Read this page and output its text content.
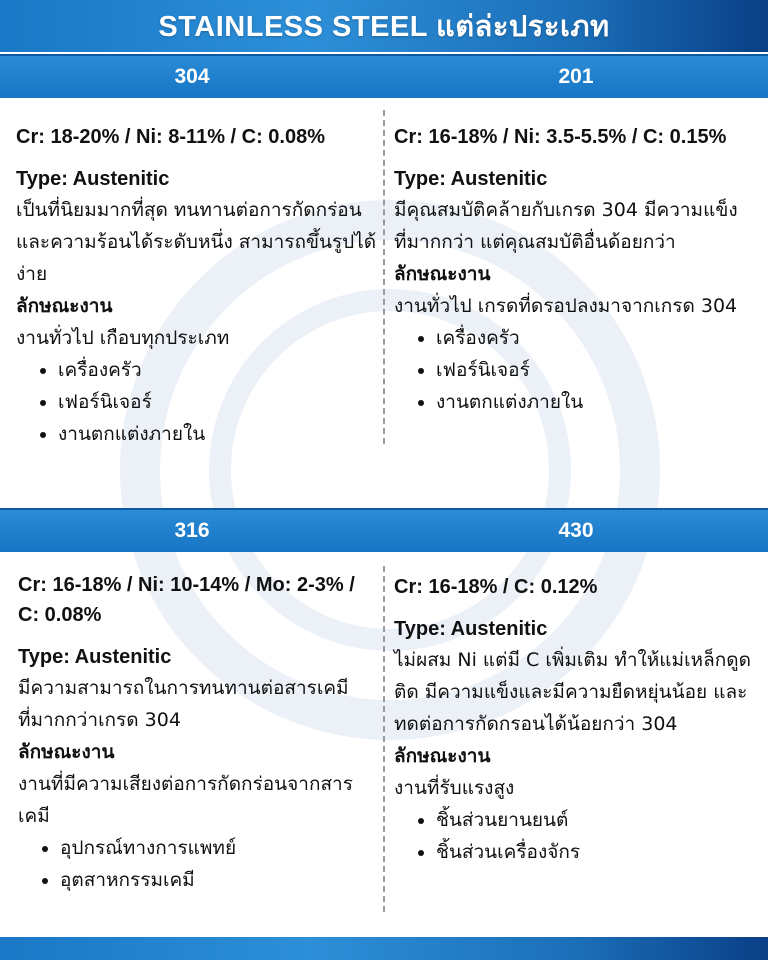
STAINLESS STEEL แต่ล่ะประเภท
304	201
Cr: 18-20% / Ni: 8-11% / C: 0.08%
Type: Austenitic
เป็นที่นิยมมากที่สุด ทนทานต่อการกัดกร่อน และความร้อนได้ระดับหนึ่ง สามารถขึ้นรูปได้ง่าย
ลักษณะงาน
งานทั่วไป เกือบทุกประเภท
• เครื่องครัว
• เฟอร์นิเจอร์
• งานตกแต่งภายใน
Cr: 16-18% / Ni: 3.5-5.5% / C: 0.15%
Type: Austenitic
มีคุณสมบัติคล้ายกับเกรด 304 มีความแข็งที่มากกว่า แต่คุณสมบัติอื่นด้อยกว่า
ลักษณะงาน
งานทั่วไป เกรดที่ดรอปลงมาจากเกรด 304
• เครื่องครัว
• เฟอร์นิเจอร์
• งานตกแต่งภายใน
316	430
Cr: 16-18% / Ni: 10-14% / Mo: 2-3% / C: 0.08%
Type: Austenitic
มีความสามารถในการทนทานต่อสารเคมีที่มากกว่าเกรด 304
ลักษณะงาน
งานที่มีความเสียงต่อการกัดกร่อนจากสารเคมี
• อุปกรณ์ทางการแพทย์
• อุตสาหกรรมเคมี
Cr: 16-18% / C: 0.12%
Type: Austenitic
ไม่ผสม Ni แต่มี C เพิ่มเติม ทำให้แม่เหล็กดูดติด มีความแข็งและมีความยืดหยุ่นน้อย และทดต่อการกัดกรอนได้น้อยกว่า 304
ลักษณะงาน
งานที่รับแรงสูง
• ชิ้นส่วนยานยนต์
• ชิ้นส่วนเครื่องจักร
